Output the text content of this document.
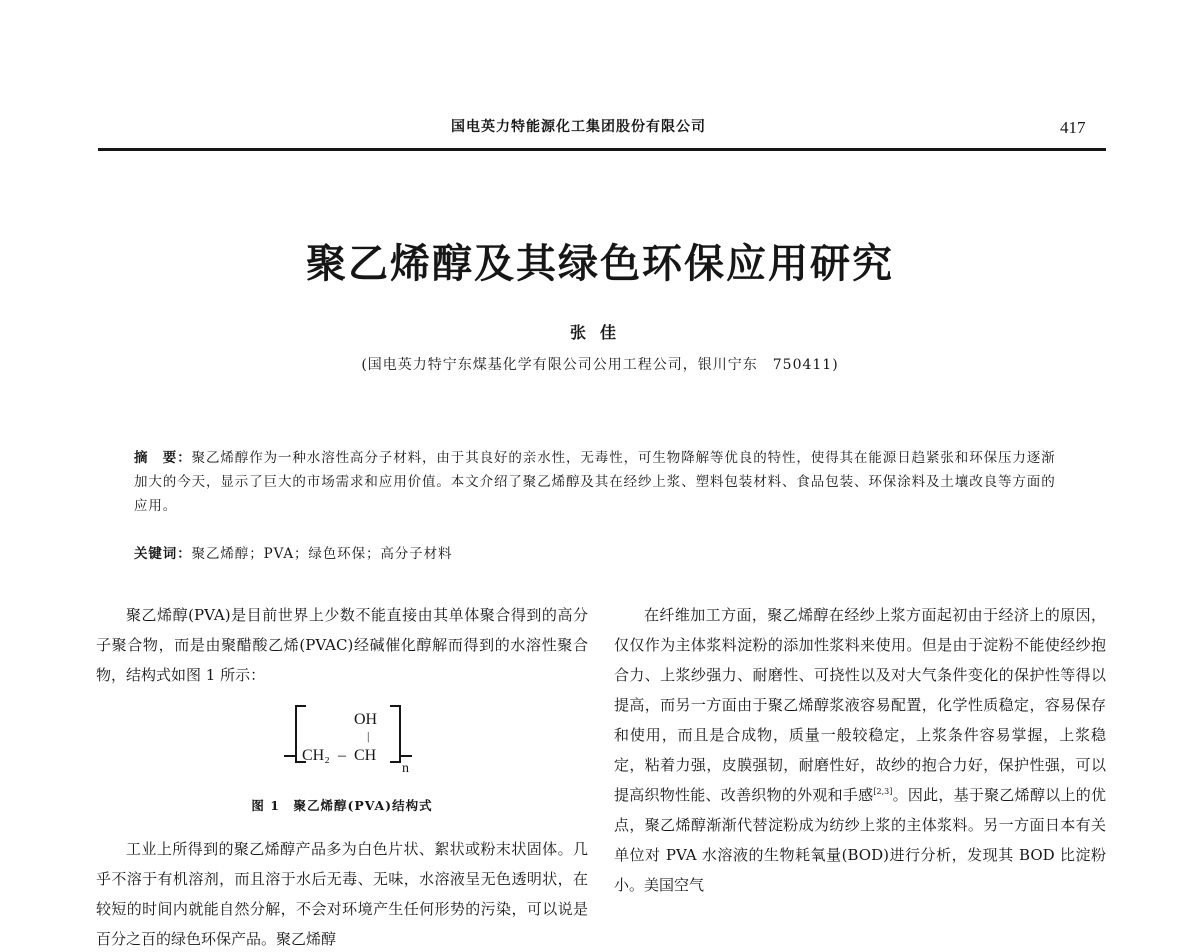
国电英力特能源化工集团股份有限公司	417
聚乙烯醇及其绿色环保应用研究
张佳
(国电英力特宁东煤基化学有限公司公用工程公司，银川宁东　750411)

摘　要：聚乙烯醇作为一种水溶性高分子材料，由于其良好的亲水性，无毒性，可生物降解等优良的特性，使得其在能源日趋紧张和环保压力逐渐加大的今天，显示了巨大的市场需求和应用价值。本文介绍了聚乙烯醇及其在经纱上浆、塑料包装材料、食品包装、环保涂料及土壤改良等方面的应用。

关键词：聚乙烯醇；PVA；绿色环保；高分子材料

聚乙烯醇(PVA)是目前世界上少数不能直接由其单体聚合得到的高分子聚合物，而是由聚醋酸乙烯(PVAC)经碱催化醇解而得到的水溶性聚合物，结构式如图 1 所示：

OH
|
CH₂ – CH
n
图 1　聚乙烯醇(PVA)结构式

工业上所得到的聚乙烯醇产品多为白色片状、絮状或粉末状固体。几乎不溶于有机溶剂，而且溶于水后无毒、无味，水溶液呈无色透明状，在较短的时间内就能自然分解，不会对环境产生任何形势的污染，可以说是百分之百的绿色环保产品。聚乙烯醇

在纤维加工方面，聚乙烯醇在经纱上浆方面起初由于经济上的原因，仅仅作为主体浆料淀粉的添加性浆料来使用。但是由于淀粉不能使经纱抱合力、上浆纱强力、耐磨性、可挠性以及对大气条件变化的保护性等得以提高，而另一方面由于聚乙烯醇浆液容易配置，化学性质稳定，容易保存和使用，而且是合成物，质量一般较稳定，上浆条件容易掌握，上浆稳定，粘着力强，皮膜强韧，耐磨性好，故纱的抱合力好，保护性强，可以提高织物性能、改善织物的外观和手感[2,3]。因此，基于聚乙烯醇以上的优点，聚乙烯醇渐渐代替淀粉成为纺纱上浆的主体浆料。另一方面日本有关单位对 PVA 水溶液的生物耗氧量(BOD)进行分析，发现其 BOD 比淀粉小。美国空气
